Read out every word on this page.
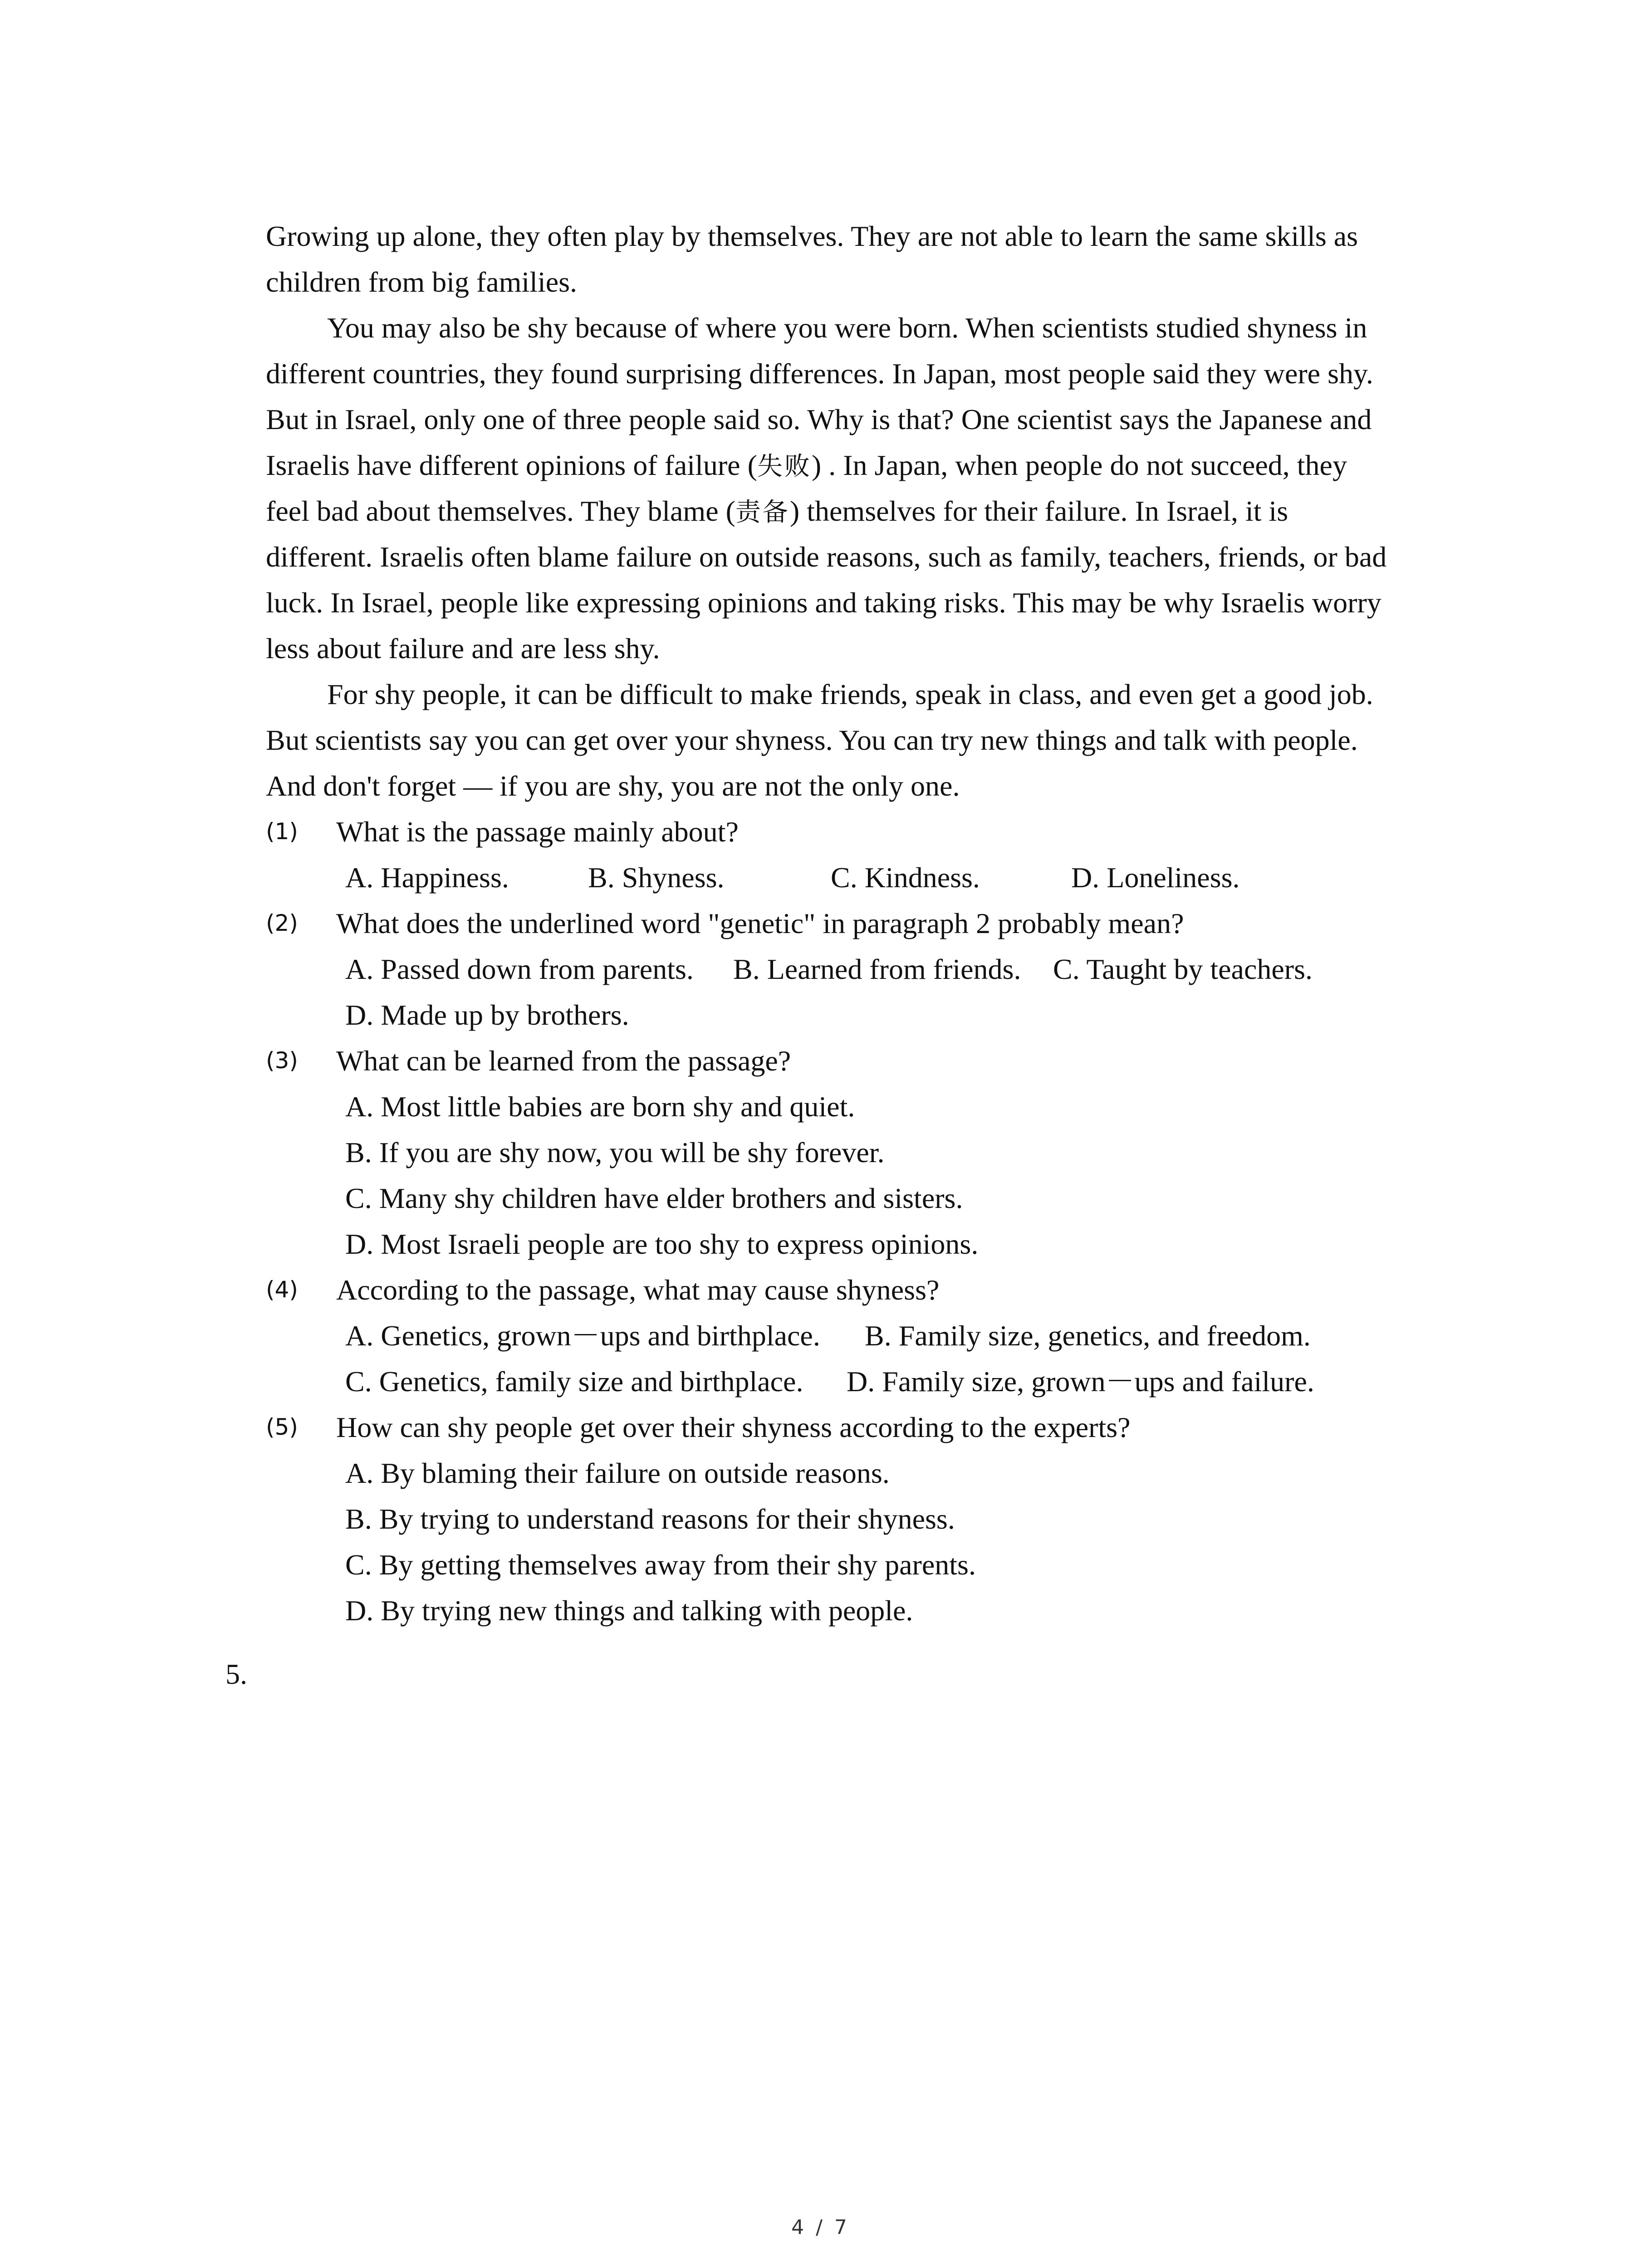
Growing up alone, they often play by themselves. They are not able to learn the same skills as
children from big families.
You may also be shy because of where you were born. When scientists studied shyness in
different countries, they found surprising differences. In Japan, most people said they were shy.
But in Israel, only one of three people said so. Why is that? One scientist says the Japanese and
Israelis have different opinions of failure (失败) . In Japan, when people do not succeed, they
feel bad about themselves. They blame (责备) themselves for their failure. In Israel, it is
different. Israelis often blame failure on outside reasons, such as family, teachers, friends, or bad
luck. In Israel, people like expressing opinions and taking risks. This may be why Israelis worry
less about failure and are less shy.
For shy people, it can be difficult to make friends, speak in class, and even get a good job.
But scientists say you can get over your shyness. You can try new things and talk with people.
And don't forget — if you are shy, you are not the only one.
(1) What is the passage mainly about?
A. Happiness.	B. Shyness.	C. Kindness.	D. Loneliness.
(2) What does the underlined word "genetic" in paragraph 2 probably mean?
A. Passed down from parents. B. Learned from friends. C. Taught by teachers.
D. Made up by brothers.
(3) What can be learned from the passage?
A. Most little babies are born shy and quiet.
B. If you are shy now, you will be shy forever.
C. Many shy children have elder brothers and sisters.
D. Most Israeli people are too shy to express opinions.
(4) According to the passage, what may cause shyness?
A. Genetics, grown－ups and birthplace. B. Family size, genetics, and freedom.
C. Genetics, family size and birthplace. D. Family size, grown－ups and failure.
(5) How can shy people get over their shyness according to the experts?
A. By blaming their failure on outside reasons.
B. By trying to understand reasons for their shyness.
C. By getting themselves away from their shy parents.
D. By trying new things and talking with people.
5.
4 / 7
